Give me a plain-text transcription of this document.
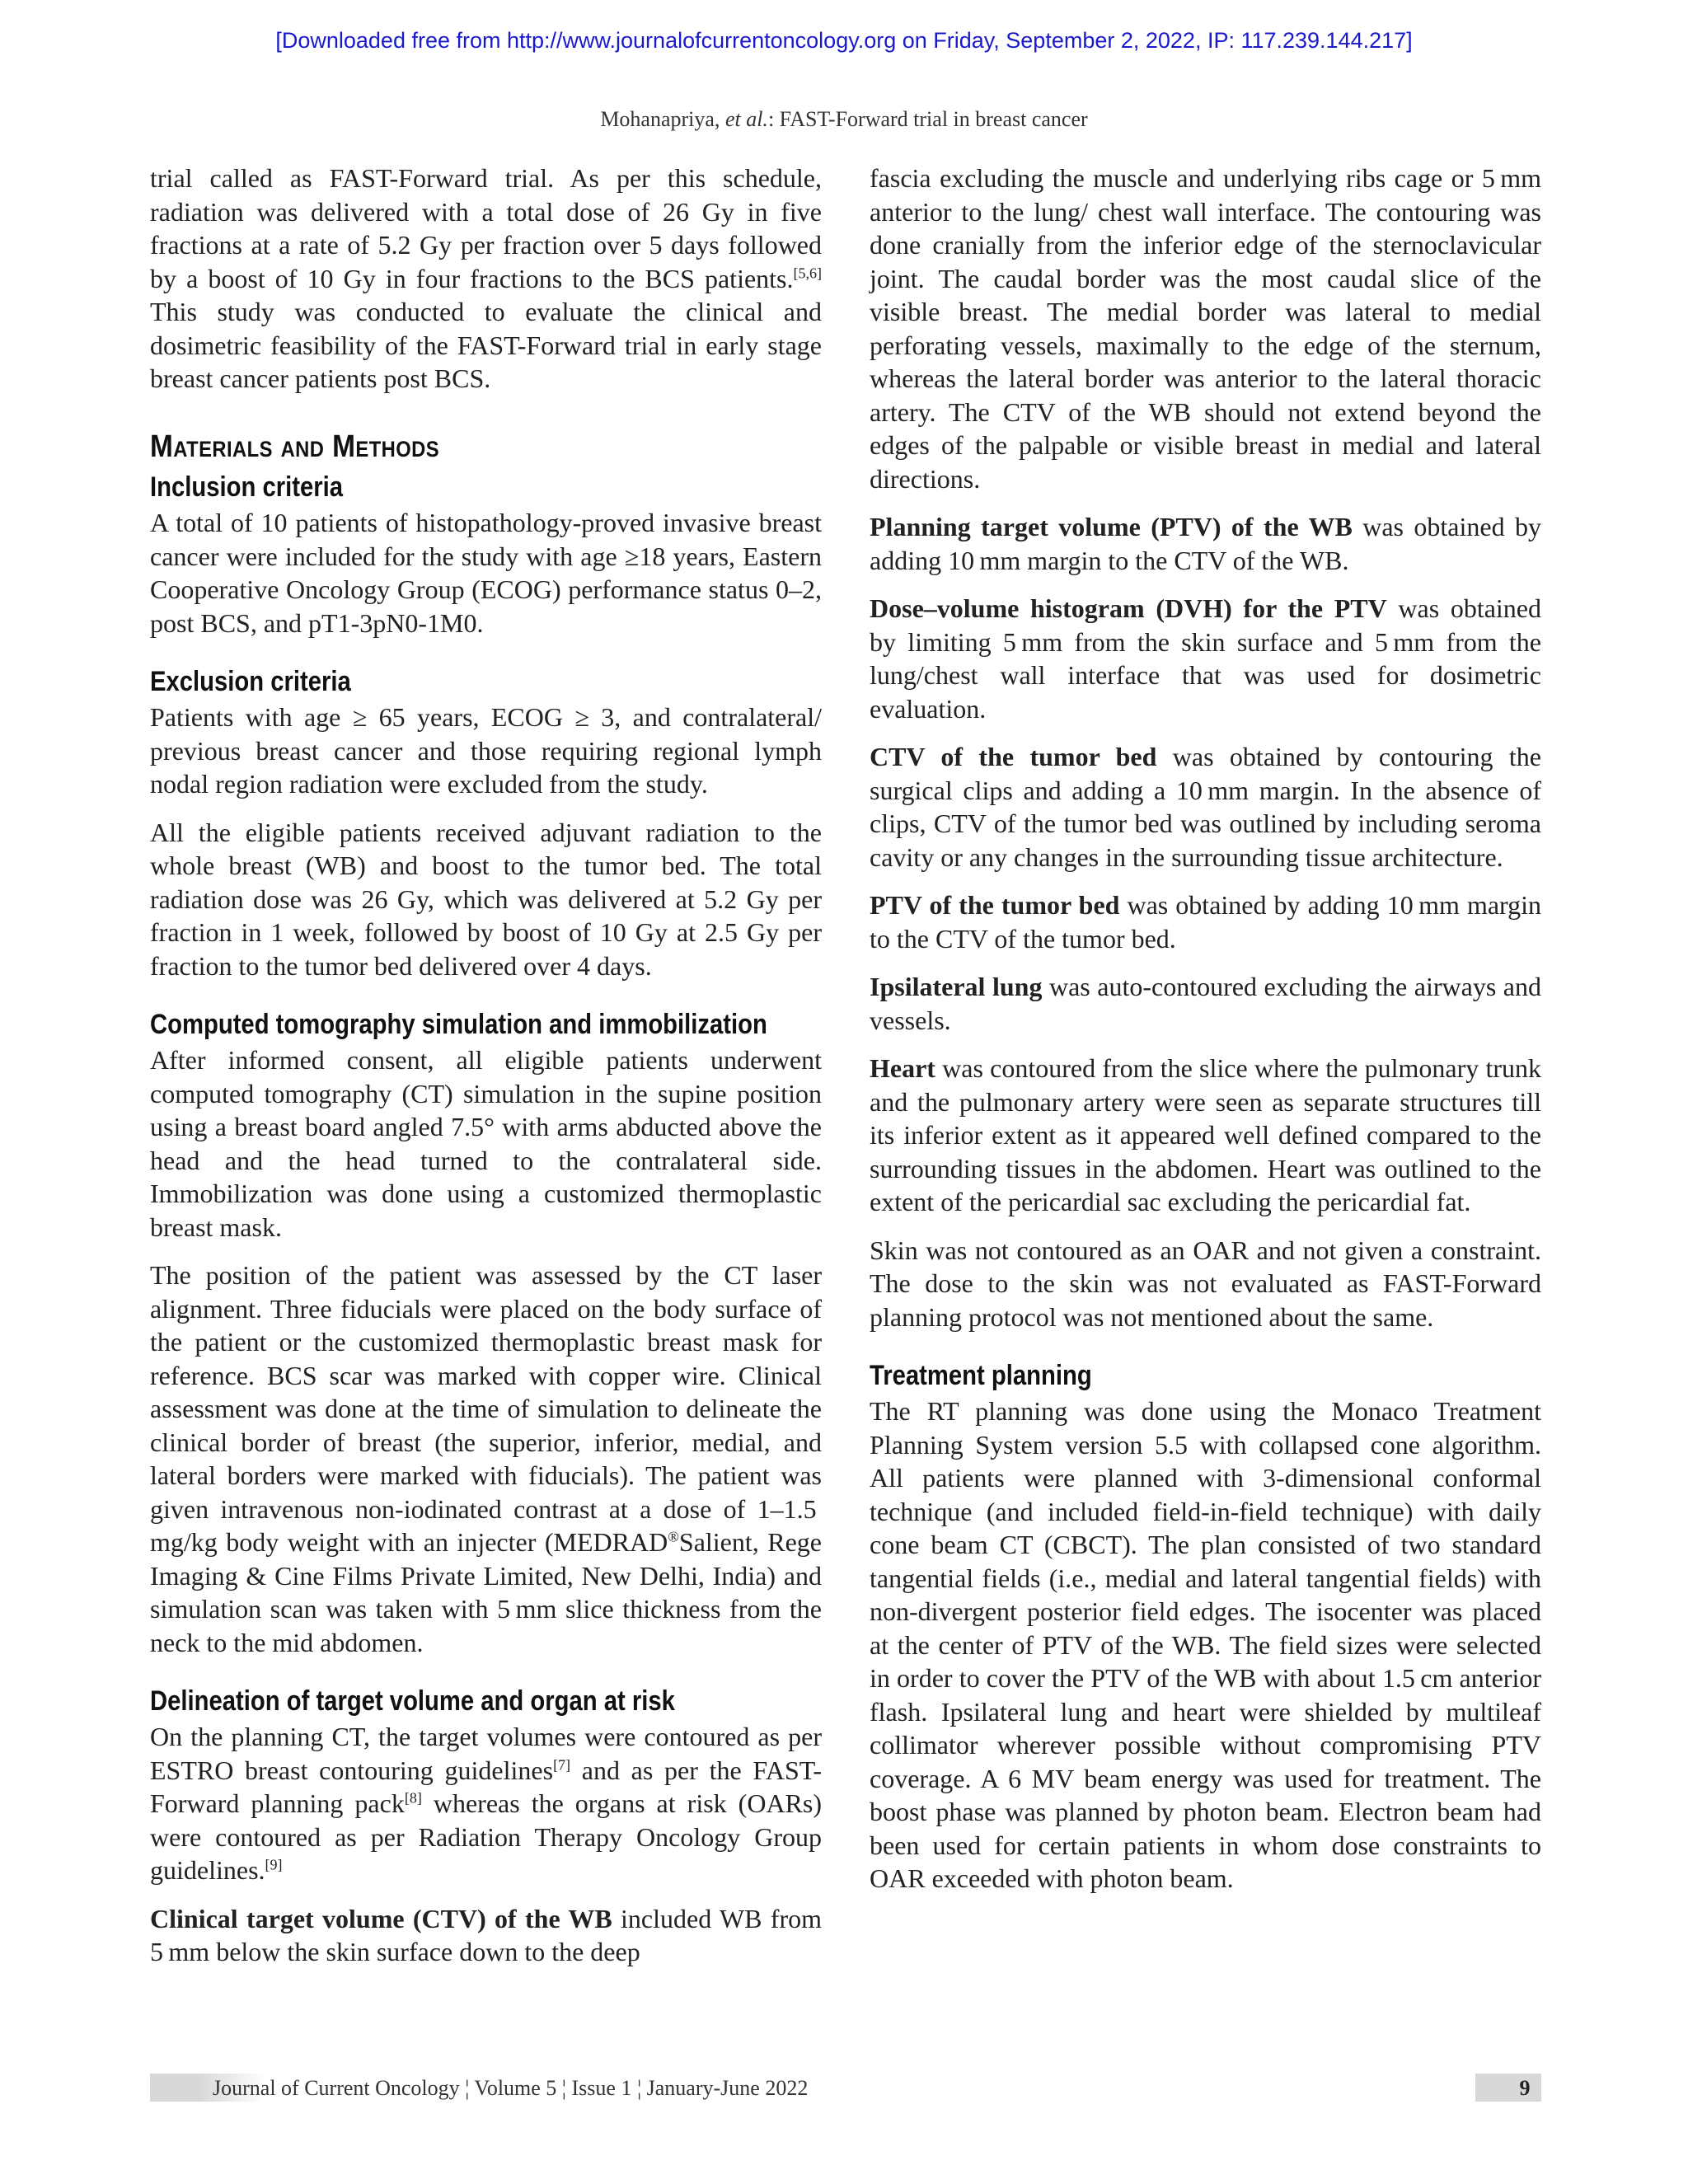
[Downloaded free from http://www.journalofcurrentoncology.org on Friday, September 2, 2022, IP: 117.239.144.217]
Mohanapriya, et al.: FAST-Forward trial in breast cancer

trial called as FAST-Forward trial. As per this schedule, radiation was delivered with a total dose of 26 Gy in five fractions at a rate of 5.2 Gy per fraction over 5 days followed by a boost of 10 Gy in four fractions to the BCS patients.[5,6] This study was conducted to evaluate the clinical and dosimetric feasibility of the FAST-Forward trial in early stage breast cancer patients post BCS.

Materials and Methods
Inclusion criteria

A total of 10 patients of histopathology-proved invasive breast cancer were included for the study with age ≥18 years, Eastern Cooperative Oncology Group (ECOG) performance status 0–2, post BCS, and pT1-3pN0-1M0.

Exclusion criteria

Patients with age ≥ 65 years, ECOG ≥ 3, and contralateral/ previous breast cancer and those requiring regional lymph nodal region radiation were excluded from the study.

All the eligible patients received adjuvant radiation to the whole breast (WB) and boost to the tumor bed. The total radiation dose was 26 Gy, which was delivered at 5.2 Gy per fraction in 1 week, followed by boost of 10 Gy at 2.5 Gy per fraction to the tumor bed delivered over 4 days.

Computed tomography simulation and immobilization

After informed consent, all eligible patients underwent computed tomography (CT) simulation in the supine position using a breast board angled 7.5° with arms abducted above the head and the head turned to the contralateral side. Immobilization was done using a customized thermoplastic breast mask.

The position of the patient was assessed by the CT laser alignment. Three fiducials were placed on the body surface of the patient or the customized thermoplastic breast mask for reference. BCS scar was marked with copper wire. Clinical assessment was done at the time of simulation to delineate the clinical border of breast (the superior, inferior, medial, and lateral borders were marked with fiducials). The patient was given intravenous non-iodinated contrast at a dose of 1–1.5 mg/kg body weight with an injecter (MEDRAD®Salient, Rege Imaging & Cine Films Private Limited, New Delhi, India) and simulation scan was taken with 5 mm slice thickness from the neck to the mid abdomen.

Delineation of target volume and organ at risk

On the planning CT, the target volumes were contoured as per ESTRO breast contouring guidelines[7] and as per the FAST-Forward planning pack[8] whereas the organs at risk (OARs) were contoured as per Radiation Therapy Oncology Group guidelines.[9]

Clinical target volume (CTV) of the WB included WB from 5 mm below the skin surface down to the deep

fascia excluding the muscle and underlying ribs cage or 5 mm anterior to the lung/ chest wall interface. The contouring was done cranially from the inferior edge of the sternoclavicular joint. The caudal border was the most caudal slice of the visible breast. The medial border was lateral to medial perforating vessels, maximally to the edge of the sternum, whereas the lateral border was anterior to the lateral thoracic artery. The CTV of the WB should not extend beyond the edges of the palpable or visible breast in medial and lateral directions.

Planning target volume (PTV) of the WB was obtained by adding 10 mm margin to the CTV of the WB.

Dose–volume histogram (DVH) for the PTV was obtained by limiting 5 mm from the skin surface and 5 mm from the lung/chest wall interface that was used for dosimetric evaluation.

CTV of the tumor bed was obtained by contouring the surgical clips and adding a 10 mm margin. In the absence of clips, CTV of the tumor bed was outlined by including seroma cavity or any changes in the surrounding tissue architecture.

PTV of the tumor bed was obtained by adding 10 mm margin to the CTV of the tumor bed.

Ipsilateral lung was auto-contoured excluding the airways and vessels.

Heart was contoured from the slice where the pulmonary trunk and the pulmonary artery were seen as separate structures till its inferior extent as it appeared well defined compared to the surrounding tissues in the abdomen. Heart was outlined to the extent of the pericardial sac excluding the pericardial fat.

Skin was not contoured as an OAR and not given a constraint. The dose to the skin was not evaluated as FAST-Forward planning protocol was not mentioned about the same.

Treatment planning

The RT planning was done using the Monaco Treatment Planning System version 5.5 with collapsed cone algorithm. All patients were planned with 3-dimensional conformal technique (and included field-in-field technique) with daily cone beam CT (CBCT). The plan consisted of two standard tangential fields (i.e., medial and lateral tangential fields) with non-divergent posterior field edges. The isocenter was placed at the center of PTV of the WB. The field sizes were selected in order to cover the PTV of the WB with about 1.5 cm anterior flash. Ipsilateral lung and heart were shielded by multileaf collimator wherever possible without compromising PTV coverage. A 6 MV beam energy was used for treatment. The boost phase was planned by photon beam. Electron beam had been used for certain patients in whom dose constraints to OAR exceeded with photon beam.

Journal of Current Oncology ¦ Volume 5 ¦ Issue 1 ¦ January-June 2022	9
